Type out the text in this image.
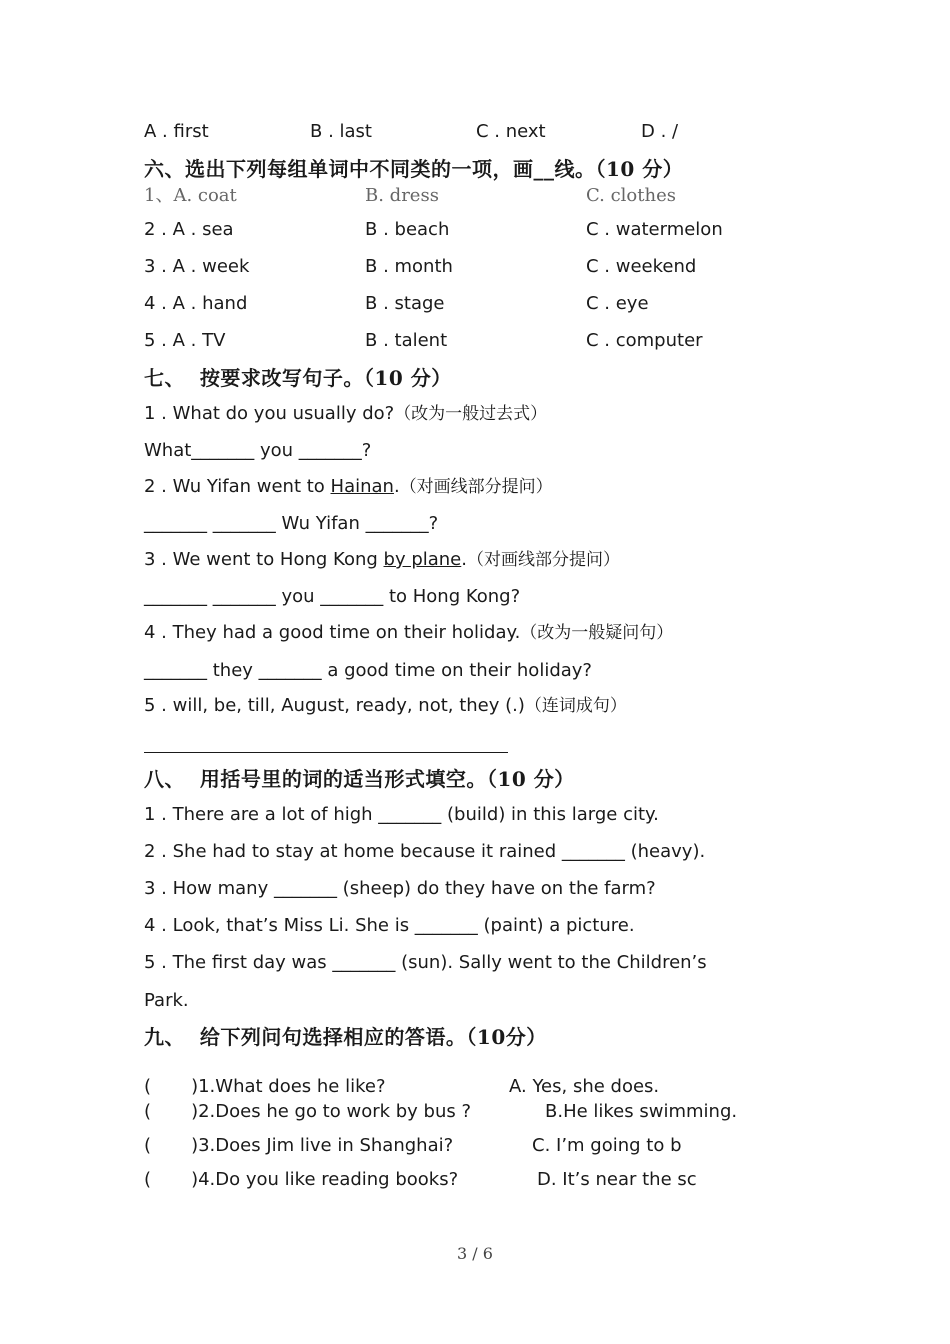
A . first	B . last	C . next	D . /
六、选出下列每组单词中不同类的一项，画__线。（10 分）
1、A. coat	B. dress	C. clothes
2 . A . sea	B . beach	C . watermelon
3 . A . week	B . month	C . weekend
4 . A . hand	B . stage	C . eye
5 . A . TV	B . talent	C . computer
七、  按要求改写句子。（10 分）
1 . What do you usually do?（改为一般过去式）
What_______ you _______?
2 . Wu Yifan went to Hainan.（对画线部分提问）
_______ _______ Wu Yifan _______?
3 . We went to Hong Kong by plane.（对画线部分提问）
_______ _______ you _______ to Hong Kong?
4 . They had a good time on their holiday.（改为一般疑问句）
_______ they _______ a good time on their holiday?
5 . will, be, till, August, ready, not, they (.)（连词成句）
八、  用括号里的词的适当形式填空。（10 分）
1 . There are a lot of high _______ (build) in this large city.
2 . She had to stay at home because it rained _______ (heavy).
3 . How many _______ (sheep) do they have on the farm?
4 . Look, that’s Miss Li. She is _______ (paint) a picture.
5 . The first day was _______ (sun). Sally went to the Children’s
Park.
九、  给下列问句选择相应的答语。（10分）
(       )1.What does he like?	A. Yes, she does.
(       )2.Does he go to work by bus ?	B.He likes swimming.
(       )3.Does Jim live in Shanghai?	C. I’m going to b
(       )4.Do you like reading books?	D. It’s near the sc
3 / 6
